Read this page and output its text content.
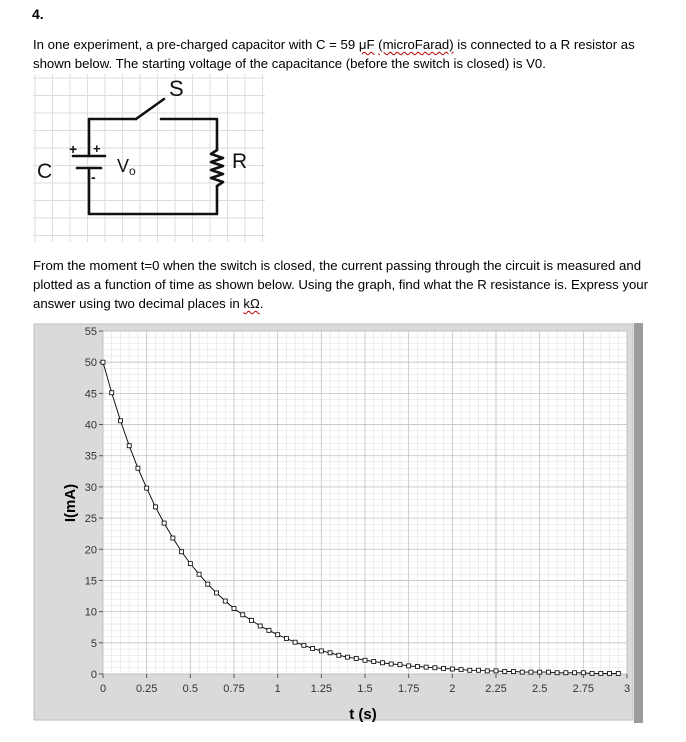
4.

In one experiment, a pre-charged capacitor with C = 59 μF (microFarad) is connected to a R resistor as shown below. The starting voltage of the capacitance (before the switch is closed) is V0.

S
C	V o	R
+ +
-

From the moment t=0 when the switch is closed, the current passing through the circuit is measured and plotted as a function of time as shown below. Using the graph, find what the R resistance is. Express your answer using two decimal places in kΩ.

0
5
10
15
20
25
30
35
40
45
50
55
0	0.25 0.5 0.75	1	1.25 1.5 1.75	2	2.25 2.5 2.75	3
t (s)
I(mA)
